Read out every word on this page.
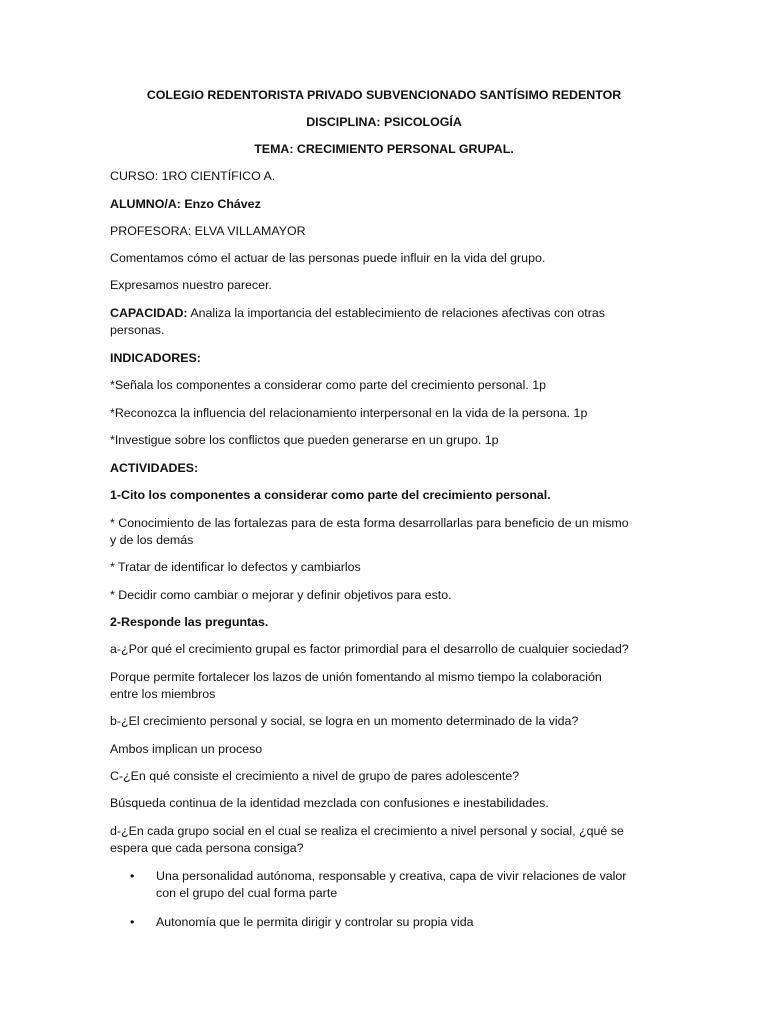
COLEGIO REDENTORISTA PRIVADO SUBVENCIONADO SANTÍSIMO REDENTOR

DISCIPLINA: PSICOLOGÍA

TEMA: CRECIMIENTO PERSONAL GRUPAL.

CURSO: 1RO CIENTÍFICO A.

ALUMNO/A: Enzo Chávez

PROFESORA: ELVA VILLAMAYOR

Comentamos cómo el actuar de las personas puede influir en la vida del grupo.

Expresamos nuestro parecer.

CAPACIDAD: Analiza la importancia del establecimiento de relaciones afectivas con otras

personas.

INDICADORES:

*Señala los componentes a considerar como parte del crecimiento personal. 1p

*Reconozca la influencia del relacionamiento interpersonal en la vida de la persona. 1p

*Investigue sobre los conflictos que pueden generarse en un grupo. 1p

ACTIVIDADES:

1-Cito los componentes a considerar como parte del crecimiento personal.

* Conocimiento de las fortalezas para de esta forma desarrollarlas para beneficio de un mismo

y de los demás

* Tratar de identificar lo defectos y cambiarlos

* Decidir como cambiar o mejorar y definir objetivos para esto.

2-Responde las preguntas.

a-¿Por qué el crecimiento grupal es factor primordial para el desarrollo de cualquier sociedad?

Porque permite fortalecer los lazos de unión fomentando al mismo tiempo la colaboración

entre los miembros

b-¿El crecimiento personal y social, se logra en un momento determinado de la vida?

Ambos implican un proceso

C-¿En qué consiste el crecimiento a nivel de grupo de pares adolescente?

Búsqueda continua de la identidad mezclada con confusiones e inestabilidades.

d-¿En cada grupo social en el cual se realiza el crecimiento a nivel personal y social, ¿qué se

espera que cada persona consiga?

• Una personalidad autónoma, responsable y creativa, capa de vivir relaciones de valor

con el grupo del cual forma parte

• Autonomía que le permita dirigir y controlar su propia vida
